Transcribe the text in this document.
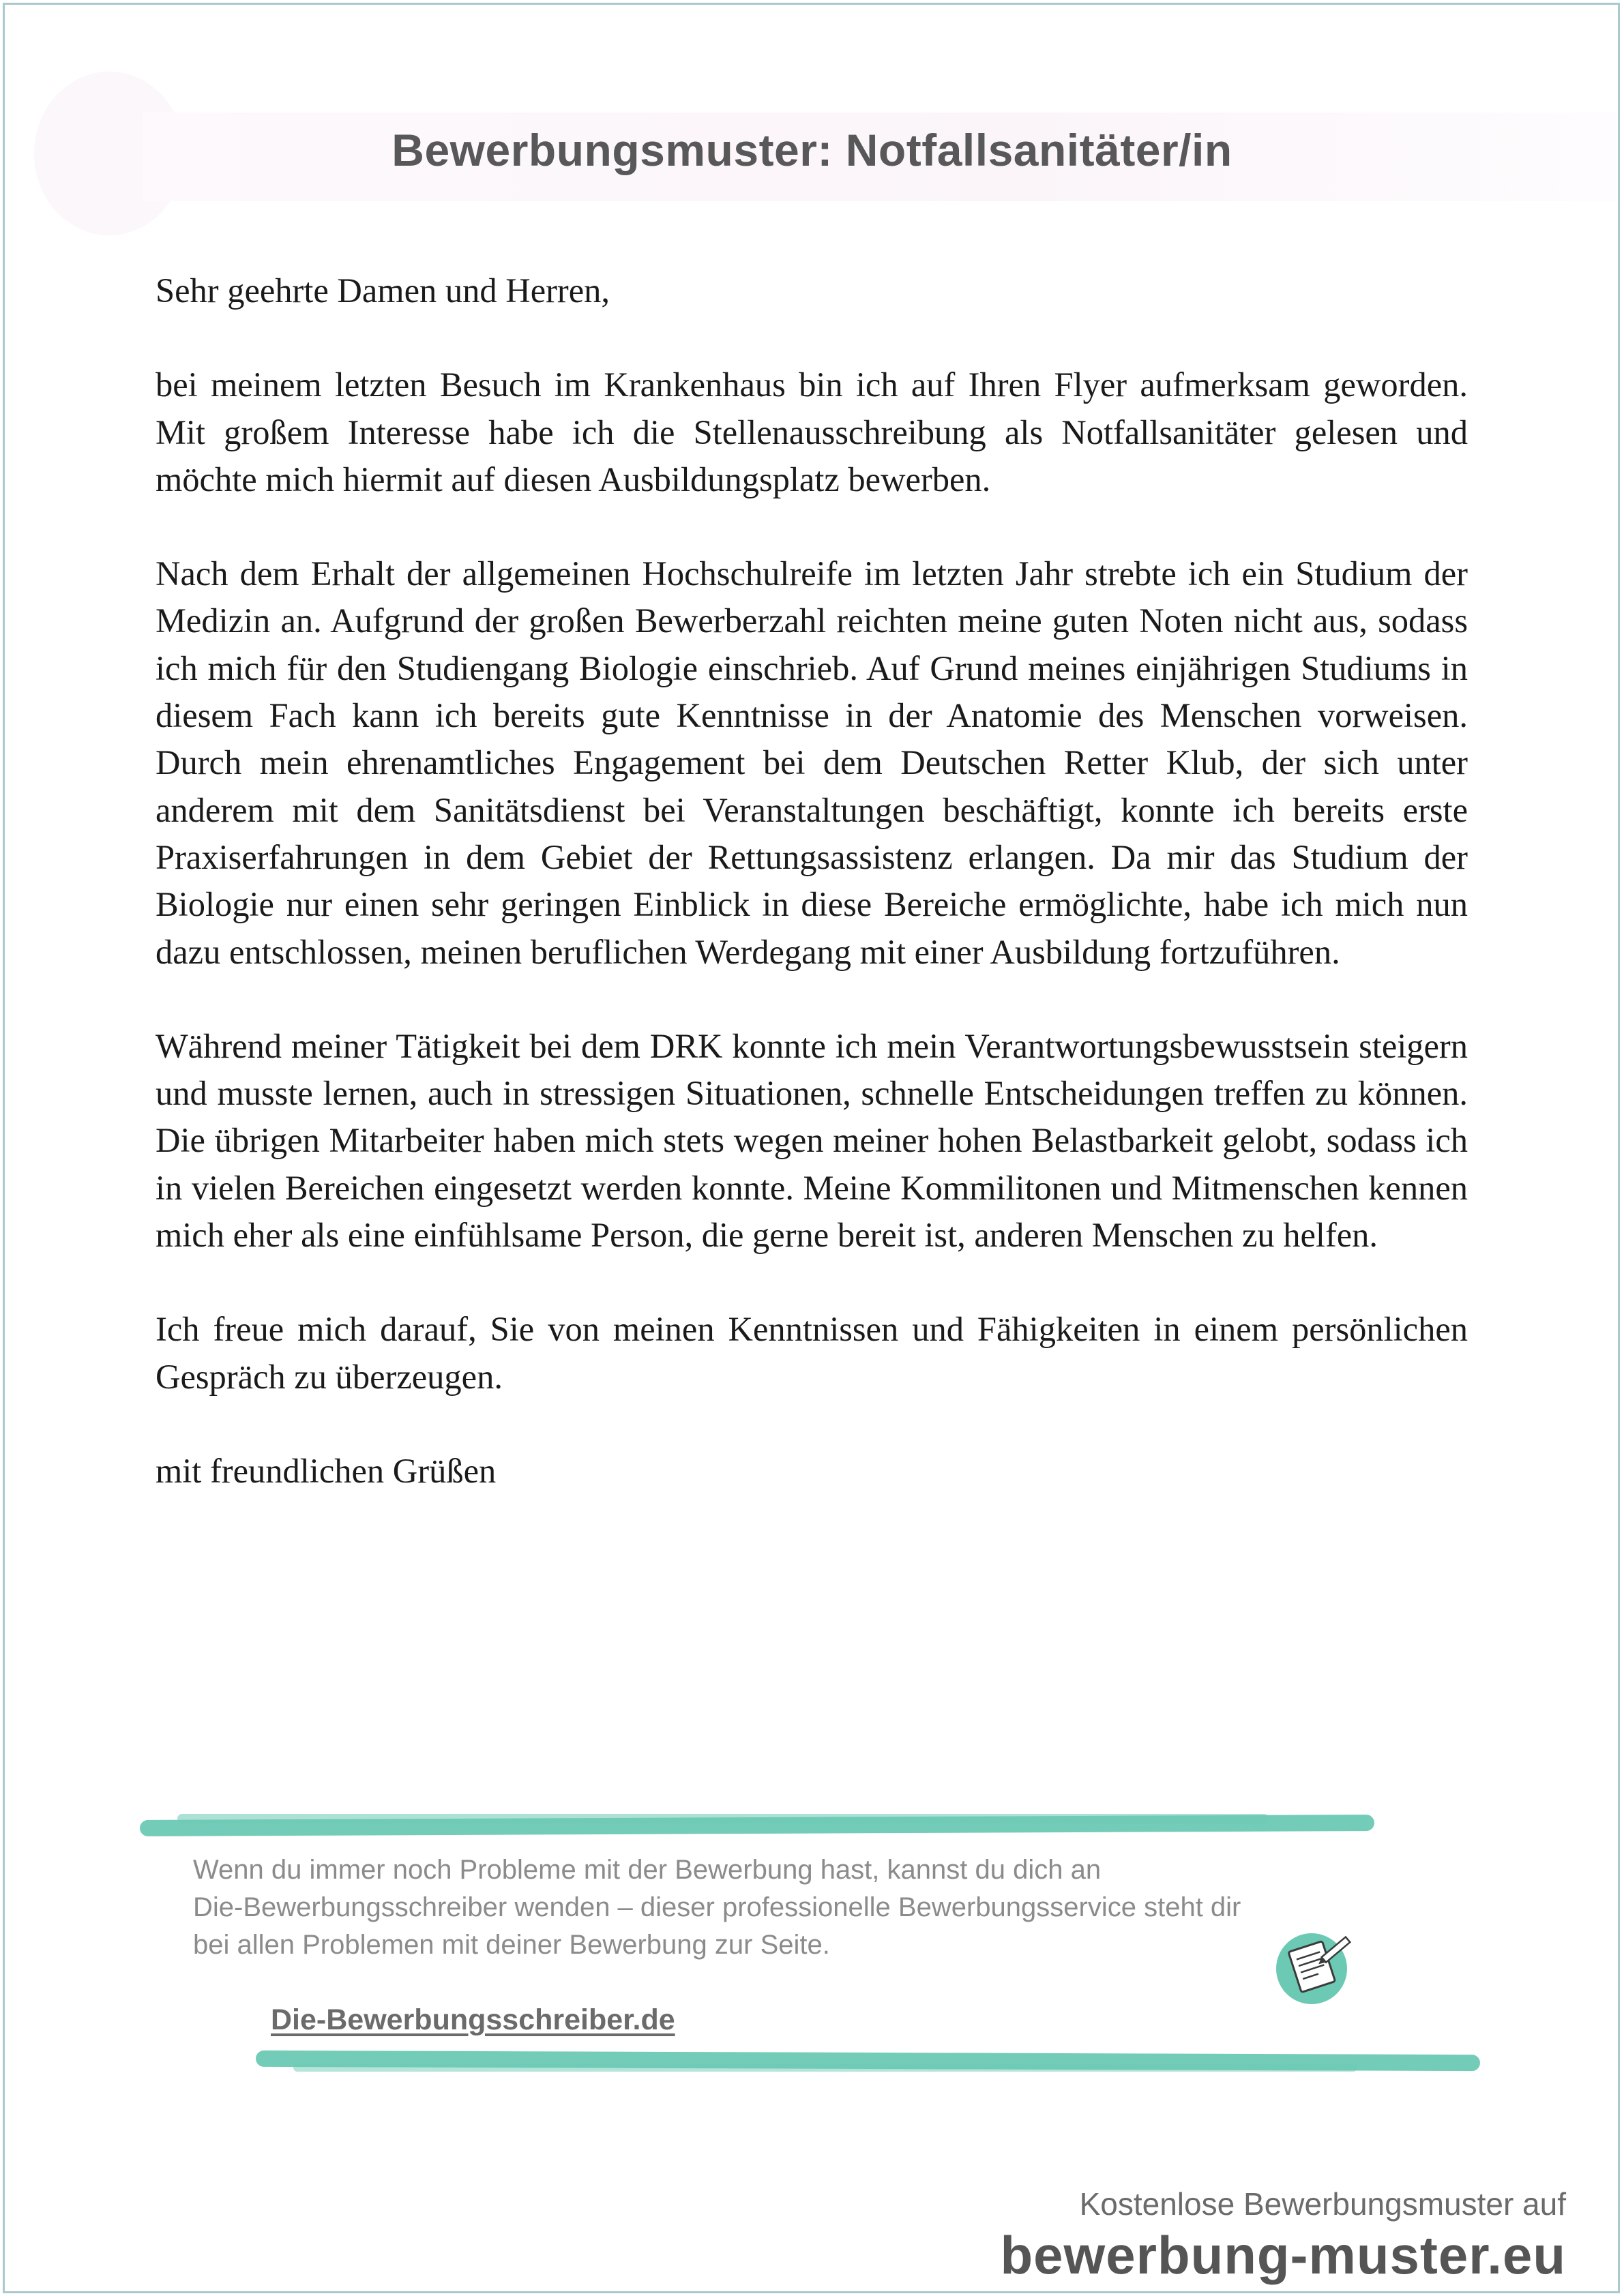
Bewerbungsmuster: Notfallsanitäter/in

Sehr geehrte Damen und Herren,

bei meinem letzten Besuch im Krankenhaus bin ich auf Ihren Flyer aufmerksam geworden. Mit großem Interesse habe ich die Stellenausschreibung als Notfallsanitäter gelesen und möchte mich hiermit auf diesen Ausbildungsplatz bewerben.

Nach dem Erhalt der allgemeinen Hochschulreife im letzten Jahr strebte ich ein Studium der Medizin an. Aufgrund der großen Bewerberzahl reichten meine guten Noten nicht aus, sodass ich mich für den Studiengang Biologie einschrieb. Auf Grund meines einjährigen Studiums in diesem Fach kann ich bereits gute Kenntnisse in der Anatomie des Menschen vorweisen. Durch mein ehrenamtliches Engagement bei dem Deutschen Retter Klub, der sich unter anderem mit dem Sanitätsdienst bei Veranstaltungen beschäftigt, konnte ich bereits erste Praxiserfahrungen in dem Gebiet der Rettungsassistenz erlangen. Da mir das Studium der Biologie nur einen sehr geringen Einblick in diese Bereiche ermöglichte, habe ich mich nun dazu entschlossen, meinen beruflichen Werdegang mit einer Ausbildung fortzuführen.

Während meiner Tätigkeit bei dem DRK konnte ich mein Verantwortungsbewusstsein steigern und musste lernen, auch in stressigen Situationen, schnelle Entscheidungen treffen zu können. Die übrigen Mitarbeiter haben mich stets wegen meiner hohen Belastbarkeit gelobt, sodass ich in vielen Bereichen eingesetzt werden konnte. Meine Kommilitonen und Mitmenschen kennen mich eher als eine einfühlsame Person, die gerne bereit ist, anderen Menschen zu helfen.

Ich freue mich darauf, Sie von meinen Kenntnissen und Fähigkeiten in einem persönlichen Gespräch zu überzeugen.

mit freundlichen Grüßen

Wenn du immer noch Probleme mit der Bewerbung hast, kannst du dich an
Die-Bewerbungsschreiber wenden – dieser professionelle Bewerbungsservice steht dir
bei allen Problemen mit deiner Bewerbung zur Seite.
Die-Bewerbungsschreiber.de
Kostenlose Bewerbungsmuster auf
bewerbung-muster.eu
